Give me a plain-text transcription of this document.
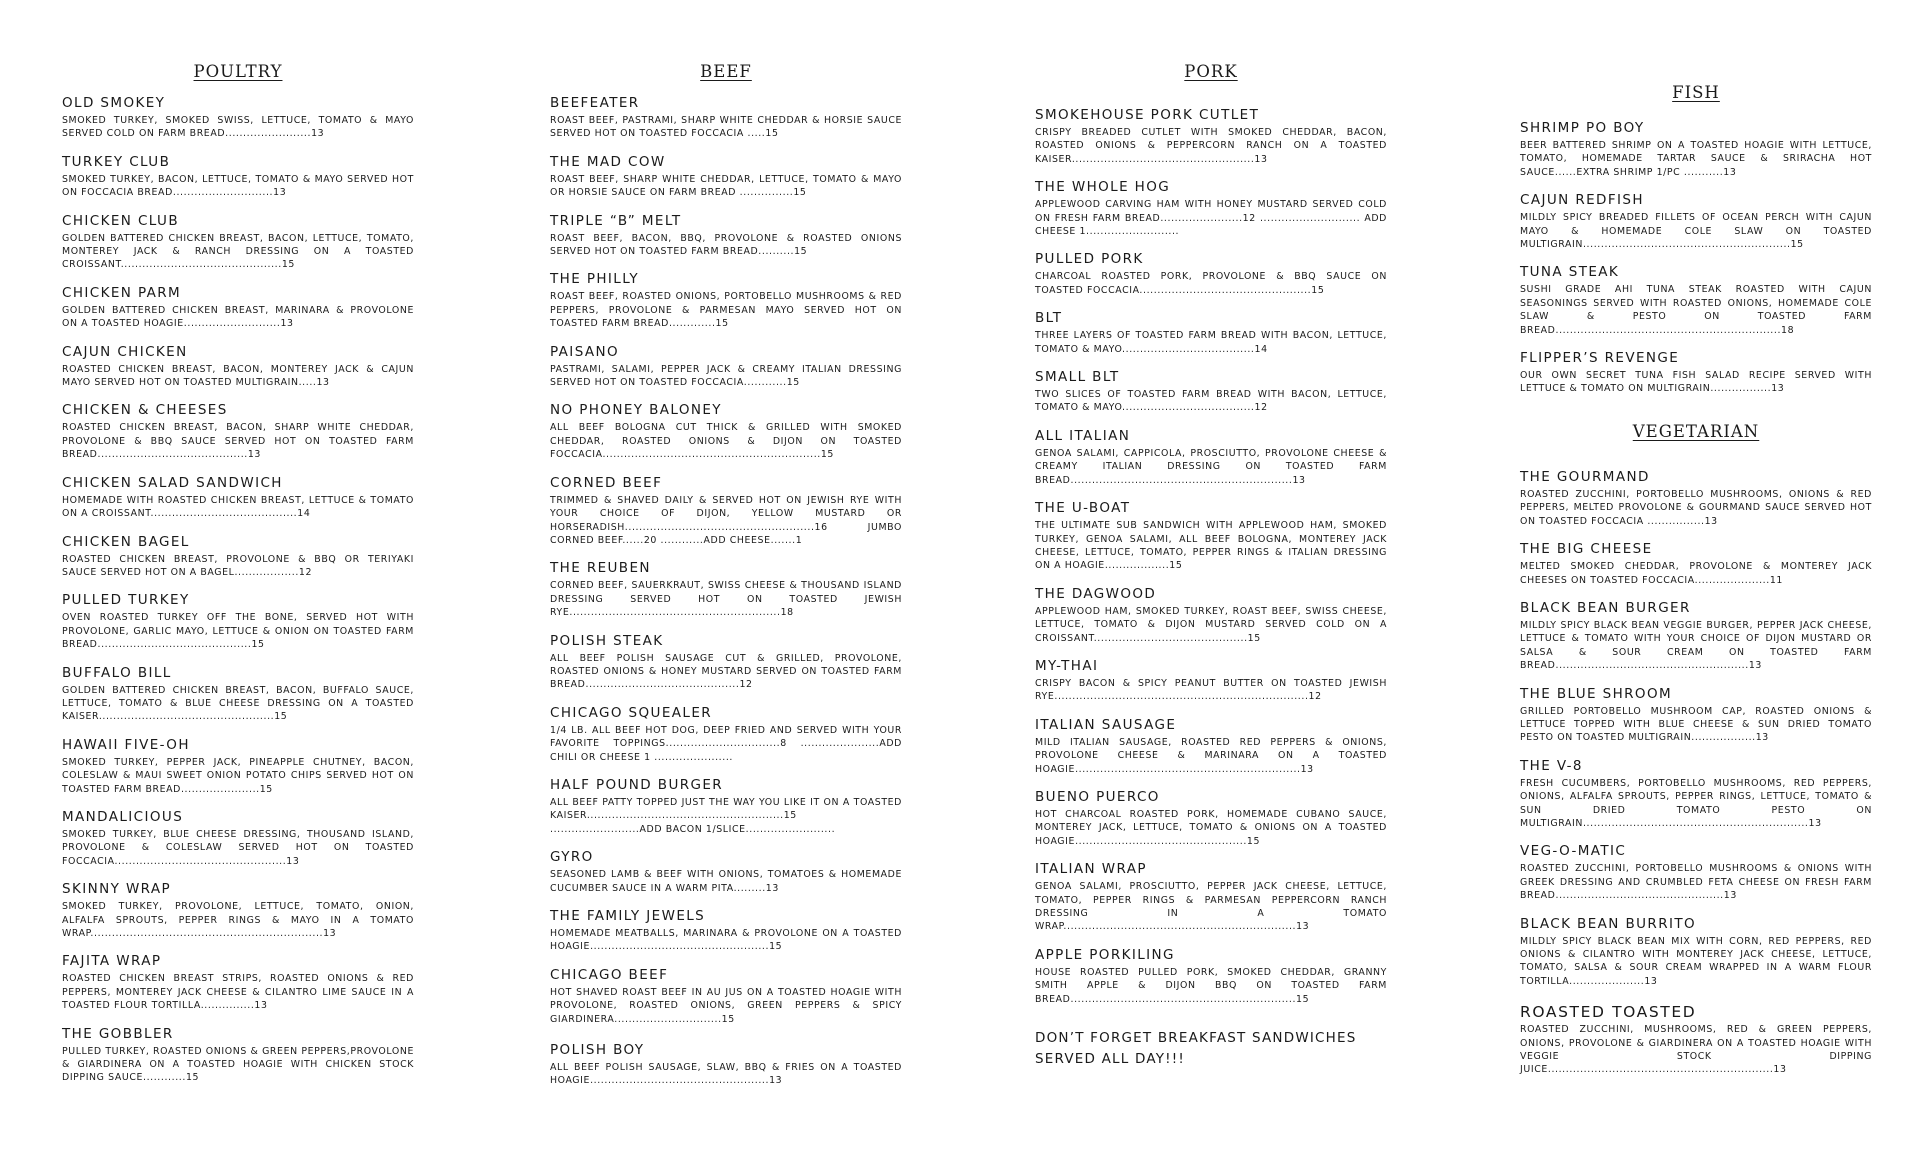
POULTRY
OLD SMOKEY
SMOKED TURKEY, SMOKED SWISS, LETTUCE, TOMATO & MAYO SERVED COLD ON FARM BREAD........................13
TURKEY CLUB
SMOKED TURKEY, BACON, LETTUCE, TOMATO & MAYO SERVED HOT ON FOCCACIA BREAD............................13
CHICKEN CLUB
GOLDEN BATTERED CHICKEN BREAST, BACON, LETTUCE, TOMATO, MONTEREY JACK & RANCH DRESSING ON A TOASTED CROISSANT.............................................15
CHICKEN PARM
GOLDEN BATTERED CHICKEN BREAST, MARINARA & PROVOLONE ON A TOASTED HOAGIE...........................13
CAJUN CHICKEN
ROASTED CHICKEN BREAST, BACON, MONTEREY JACK & CAJUN MAYO SERVED HOT ON TOASTED MULTIGRAIN.....13
CHICKEN & CHEESES
ROASTED CHICKEN BREAST, BACON, SHARP WHITE CHEDDAR, PROVOLONE & BBQ SAUCE SERVED HOT ON TOASTED FARM BREAD..........................................13
CHICKEN SALAD SANDWICH
HOMEMADE WITH ROASTED CHICKEN BREAST, LETTUCE & TOMATO ON A CROISSANT.........................................14
CHICKEN BAGEL
ROASTED CHICKEN BREAST, PROVOLONE & BBQ OR TERIYAKI SAUCE SERVED HOT ON A BAGEL..................12
PULLED TURKEY
OVEN ROASTED TURKEY OFF THE BONE, SERVED HOT WITH PROVOLONE, GARLIC MAYO, LETTUCE & ONION ON TOASTED FARM BREAD...........................................15
BUFFALO BILL
GOLDEN BATTERED CHICKEN BREAST, BACON, BUFFALO SAUCE, LETTUCE, TOMATO & BLUE CHEESE DRESSING ON A TOASTED KAISER.................................................15
HAWAII FIVE-OH
SMOKED TURKEY, PEPPER JACK, PINEAPPLE CHUTNEY, BACON, COLESLAW & MAUI SWEET ONION POTATO CHIPS SERVED HOT ON TOASTED FARM BREAD......................15
MANDALICIOUS
SMOKED TURKEY, BLUE CHEESE DRESSING, THOUSAND ISLAND, PROVOLONE & COLESLAW SERVED HOT ON TOASTED FOCCACIA................................................13
SKINNY WRAP
SMOKED TURKEY, PROVOLONE, LETTUCE, TOMATO, ONION, ALFALFA SPROUTS, PEPPER RINGS & MAYO IN A TOMATO WRAP.................................................................13
FAJITA WRAP
ROASTED CHICKEN BREAST STRIPS, ROASTED ONIONS & RED PEPPERS, MONTEREY JACK CHEESE & CILANTRO LIME SAUCE IN A TOASTED FLOUR TORTILLA...............13
THE GOBBLER
PULLED TURKEY, ROASTED ONIONS & GREEN PEPPERS,PROVOLONE & GIARDINERA ON A TOASTED HOAGIE WITH CHICKEN STOCK DIPPING SAUCE............15
BEEF
BEEFEATER
ROAST BEEF, PASTRAMI, SHARP WHITE CHEDDAR & HORSIE SAUCE SERVED HOT ON TOASTED FOCCACIA .....15
THE MAD COW
ROAST BEEF, SHARP WHITE CHEDDAR, LETTUCE, TOMATO & MAYO OR HORSIE SAUCE ON FARM BREAD ...............15
TRIPLE “B” MELT
ROAST BEEF, BACON, BBQ, PROVOLONE & ROASTED ONIONS SERVED HOT ON TOASTED FARM BREAD..........15
THE PHILLY
ROAST BEEF, ROASTED ONIONS, PORTOBELLO MUSHROOMS & RED PEPPERS, PROVOLONE & PARMESAN MAYO SERVED HOT ON TOASTED FARM BREAD.............15
PAISANO
PASTRAMI, SALAMI, PEPPER JACK & CREAMY ITALIAN DRESSING SERVED HOT ON TOASTED FOCCACIA............15
NO PHONEY BALONEY
ALL BEEF BOLOGNA CUT THICK & GRILLED WITH SMOKED CHEDDAR, ROASTED ONIONS & DIJON ON TOASTED FOCCACIA.............................................................15
CORNED BEEF
TRIMMED & SHAVED DAILY & SERVED HOT ON JEWISH RYE WITH YOUR CHOICE OF DIJON, YELLOW MUSTARD OR HORSERADISH.....................................................16 JUMBO CORNED BEEF......20 ............ADD CHEESE.......1
THE REUBEN
CORNED BEEF, SAUERKRAUT, SWISS CHEESE & THOUSAND ISLAND DRESSING SERVED HOT ON TOASTED JEWISH RYE...........................................................18
POLISH STEAK
ALL BEEF POLISH SAUSAGE CUT & GRILLED, PROVOLONE, ROASTED ONIONS & HONEY MUSTARD SERVED ON TOASTED FARM BREAD...........................................12
CHICAGO SQUEALER
1/4 LB. ALL BEEF HOT DOG, DEEP FRIED AND SERVED WITH YOUR FAVORITE TOPPINGS................................8 ......................ADD CHILI OR CHEESE 1 ......................
HALF POUND BURGER
ALL BEEF PATTY TOPPED JUST THE WAY YOU LIKE IT ON A TOASTED KAISER.......................................................15 .........................ADD BACON 1/SLICE.........................
GYRO
SEASONED LAMB & BEEF WITH ONIONS, TOMATOES & HOMEMADE CUCUMBER SAUCE IN A WARM PITA.........13
THE FAMILY JEWELS
HOMEMADE MEATBALLS, MARINARA & PROVOLONE ON A TOASTED HOAGIE..................................................15
CHICAGO BEEF
HOT SHAVED ROAST BEEF IN AU JUS ON A TOASTED HOAGIE WITH PROVOLONE, ROASTED ONIONS, GREEN PEPPERS & SPICY GIARDINERA..............................15
POLISH BOY
ALL BEEF POLISH SAUSAGE, SLAW, BBQ & FRIES ON A TOASTED HOAGIE..................................................13
PORK
SMOKEHOUSE PORK CUTLET
CRISPY BREADED CUTLET WITH SMOKED CHEDDAR, BACON, ROASTED ONIONS & PEPPERCORN RANCH ON A TOASTED KAISER...................................................13
THE WHOLE HOG
APPLEWOOD CARVING HAM WITH HONEY MUSTARD SERVED COLD ON FRESH FARM BREAD.......................12 ............................ ADD CHEESE 1..........................
PULLED PORK
CHARCOAL ROASTED PORK, PROVOLONE & BBQ SAUCE ON TOASTED FOCCACIA................................................15
BLT
THREE LAYERS OF TOASTED FARM BREAD WITH BACON, LETTUCE, TOMATO & MAYO.....................................14
SMALL BLT
TWO SLICES OF TOASTED FARM BREAD WITH BACON, LETTUCE, TOMATO & MAYO.....................................12
ALL ITALIAN
GENOA SALAMI, CAPPICOLA, PROSCIUTTO, PROVOLONE CHEESE & CREAMY ITALIAN DRESSING ON TOASTED FARM BREAD..............................................................13
THE U-BOAT
THE ULTIMATE SUB SANDWICH WITH APPLEWOOD HAM, SMOKED TURKEY, GENOA SALAMI, ALL BEEF BOLOGNA, MONTEREY JACK CHEESE, LETTUCE, TOMATO, PEPPER RINGS & ITALIAN DRESSING ON A HOAGIE..................15
THE DAGWOOD
APPLEWOOD HAM, SMOKED TURKEY, ROAST BEEF, SWISS CHEESE, LETTUCE, TOMATO & DIJON MUSTARD SERVED COLD ON A CROISSANT...........................................15
MY-THAI
CRISPY BACON & SPICY PEANUT BUTTER ON TOASTED JEWISH RYE.......................................................................12
ITALIAN SAUSAGE
MILD ITALIAN SAUSAGE, ROASTED RED PEPPERS & ONIONS, PROVOLONE CHEESE & MARINARA ON A TOASTED HOAGIE...............................................................13
BUENO PUERCO
HOT CHARCOAL ROASTED PORK, HOMEMADE CUBANO SAUCE, MONTEREY JACK, LETTUCE, TOMATO & ONIONS ON A TOASTED HOAGIE................................................15
ITALIAN WRAP
GENOA SALAMI, PROSCIUTTO, PEPPER JACK CHEESE, LETTUCE, TOMATO, PEPPER RINGS & PARMESAN PEPPERCORN RANCH DRESSING IN A TOMATO WRAP.................................................................13
APPLE PORKILING
HOUSE ROASTED PULLED PORK, SMOKED CHEDDAR, GRANNY SMITH APPLE & DIJON BBQ ON TOASTED FARM BREAD...............................................................15
DON’T FORGET BREAKFAST SANDWICHES SERVED ALL DAY!!!
FISH
SHRIMP PO BOY
BEER BATTERED SHRIMP ON A TOASTED HOAGIE WITH LETTUCE, TOMATO, HOMEMADE TARTAR SAUCE & SRIRACHA HOT SAUCE......EXTRA SHRIMP 1/PC ...........13
CAJUN REDFISH
MILDLY SPICY BREADED FILLETS OF OCEAN PERCH WITH CAJUN MAYO & HOMEMADE COLE SLAW ON TOASTED MULTIGRAIN..........................................................15
TUNA STEAK
SUSHI GRADE AHI TUNA STEAK ROASTED WITH CAJUN SEASONINGS SERVED WITH ROASTED ONIONS, HOMEMADE COLE SLAW & PESTO ON TOASTED FARM BREAD...............................................................18
FLIPPER’S REVENGE
OUR OWN SECRET TUNA FISH SALAD RECIPE SERVED WITH LETTUCE & TOMATO ON MULTIGRAIN.................13
VEGETARIAN
THE GOURMAND
ROASTED ZUCCHINI, PORTOBELLO MUSHROOMS, ONIONS & RED PEPPERS, MELTED PROVOLONE & GOURMAND SAUCE SERVED HOT ON TOASTED FOCCACIA ................13
THE BIG CHEESE
MELTED SMOKED CHEDDAR, PROVOLONE & MONTEREY JACK CHEESES ON TOASTED FOCCACIA.....................11
BLACK BEAN BURGER
MILDLY SPICY BLACK BEAN VEGGIE BURGER, PEPPER JACK CHEESE, LETTUCE & TOMATO WITH YOUR CHOICE OF DIJON MUSTARD OR SALSA & SOUR CREAM ON TOASTED FARM BREAD......................................................13
THE BLUE SHROOM
GRILLED PORTOBELLO MUSHROOM CAP, ROASTED ONIONS & LETTUCE TOPPED WITH BLUE CHEESE & SUN DRIED TOMATO PESTO ON TOASTED MULTIGRAIN..................13
THE V-8
FRESH CUCUMBERS, PORTOBELLO MUSHROOMS, RED PEPPERS, ONIONS, ALFALFA SPROUTS, PEPPER RINGS, LETTUCE, TOMATO & SUN DRIED TOMATO PESTO ON MULTIGRAIN...............................................................13
VEG-O-MATIC
ROASTED ZUCCHINI, PORTOBELLO MUSHROOMS & ONIONS WITH GREEK DRESSING AND CRUMBLED FETA CHEESE ON FRESH FARM BREAD...............................................13
BLACK BEAN BURRITO
MILDLY SPICY BLACK BEAN MIX WITH CORN, RED PEPPERS, RED ONIONS & CILANTRO WITH MONTEREY JACK CHEESE, LETTUCE, TOMATO, SALSA & SOUR CREAM WRAPPED IN A WARM FLOUR TORTILLA.....................13
ROASTED TOASTED
ROASTED ZUCCHINI, MUSHROOMS, RED & GREEN PEPPERS, ONIONS, PROVOLONE & GIARDINERA ON A TOASTED HOAGIE WITH VEGGIE STOCK DIPPING JUICE...............................................................13
